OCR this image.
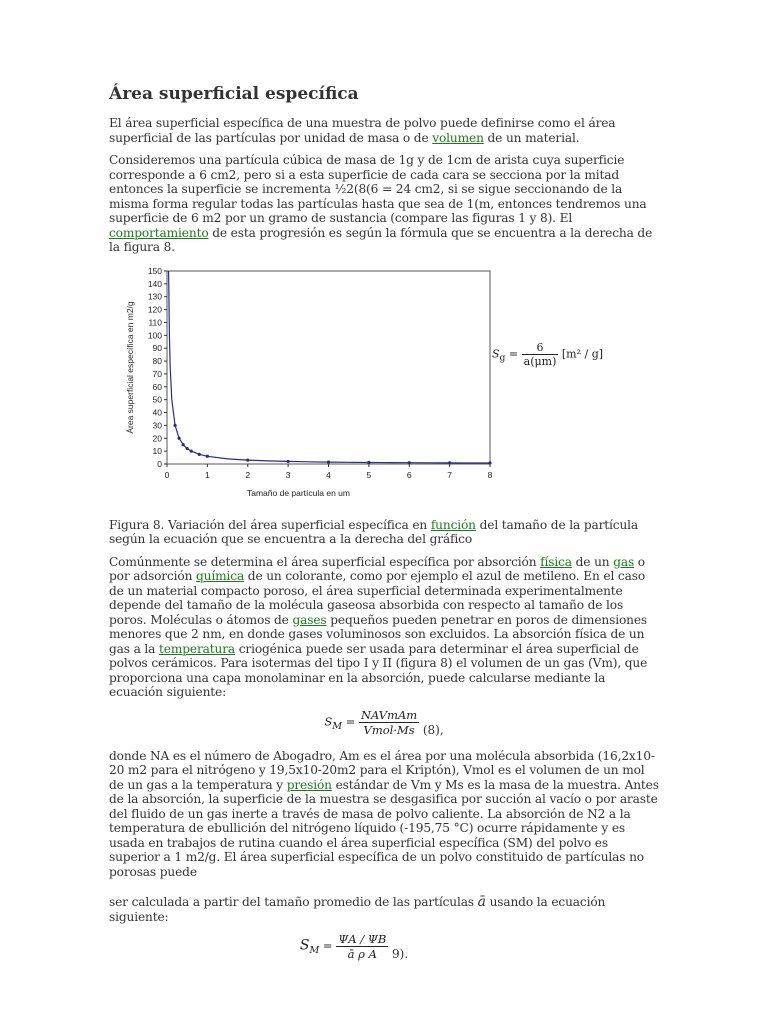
Área superficial específica

El área superficial específica de una muestra de polvo puede definirse como el área superficial de las partículas por unidad de masa o de volumen de un material.

Consideremos una partícula cúbica de masa de 1g y de 1cm de arista cuya superficie corresponde a 6 cm2, pero si a esta superficie de cada cara se secciona por la mitad entonces la superficie se incrementa ½2(8(6 = 24 cm2, si se sigue seccionando de la misma forma regular todas las partículas hasta que sea de 1(m, entonces tendremos una superficie de 6 m2 por un gramo de sustancia (compare las figuras 1 y 8). El comportamiento de esta progresión es según la fórmula que se encuentra a la derecha de la figura 8.

0
10
20
30
40
50
60
70
80
90
100
110
120
130
140
150
0	1	2	3	4	5	6	7	8
Tamaño de partícula en um
Área superficial específica en m2/g	$S_g = \frac{6}{a(\mu m)} [m^2 / g]$

Figura 8. Variación del área superficial específica en función del tamaño de la partícula según la ecuación que se encuentra a la derecha del gráfico

Comúnmente se determina el área superficial específica por absorción física de un gas o por adsorción química de un colorante, como por ejemplo el azul de metileno. En el caso de un material compacto poroso, el área superficial determinada experimentalmente depende del tamaño de la molécula gaseosa absorbida con respecto al tamaño de los poros. Moléculas o átomos de gases pequeños pueden penetrar en poros de dimensiones menores que 2 nm, en donde gases voluminosos son excluidos. La absorción física de un gas a la temperatura criogénica puede ser usada para determinar el área superficial de polvos cerámicos. Para isotermas del tipo I y II (figura 8) el volumen de un gas (Vm), que proporciona una capa monolaminar en la absorción, puede calcularse mediante la ecuación siguiente:

$S_M = \frac{\text{NAVmAm}}{\text{Vmol·Ms}} (8)$,

donde NA es el número de Abogadro, Am es el área por una molécula absorbida (16,2x10-20 m2 para el nitrógeno y 19,5x10-20m2 para el Kriptón), Vmol es el volumen de un mol de un gas a la temperatura y presión estándar de Vm y Ms es la masa de la muestra. Antes de la absorción, la superficie de la muestra se desgasifica por succión al vacío o por araste del fluido de un gas inerte a través de masa de polvo caliente. La absorción de N2 a la temperatura de ebullición del nitrógeno líquido (-195,75 °C) ocurre rápidamente y es usada en trabajos de rutina cuando el área superficial específica (SM) del polvo es superior a 1 m2/g. El área superficial específica de un polvo constituido de partículas no porosas puede

ser calculada a partir del tamaño promedio de las partículas ā usando la ecuación siguiente:

$S_M = \frac{\Psi A / \Psi B}{\text{ā ρ A}} 9$).
